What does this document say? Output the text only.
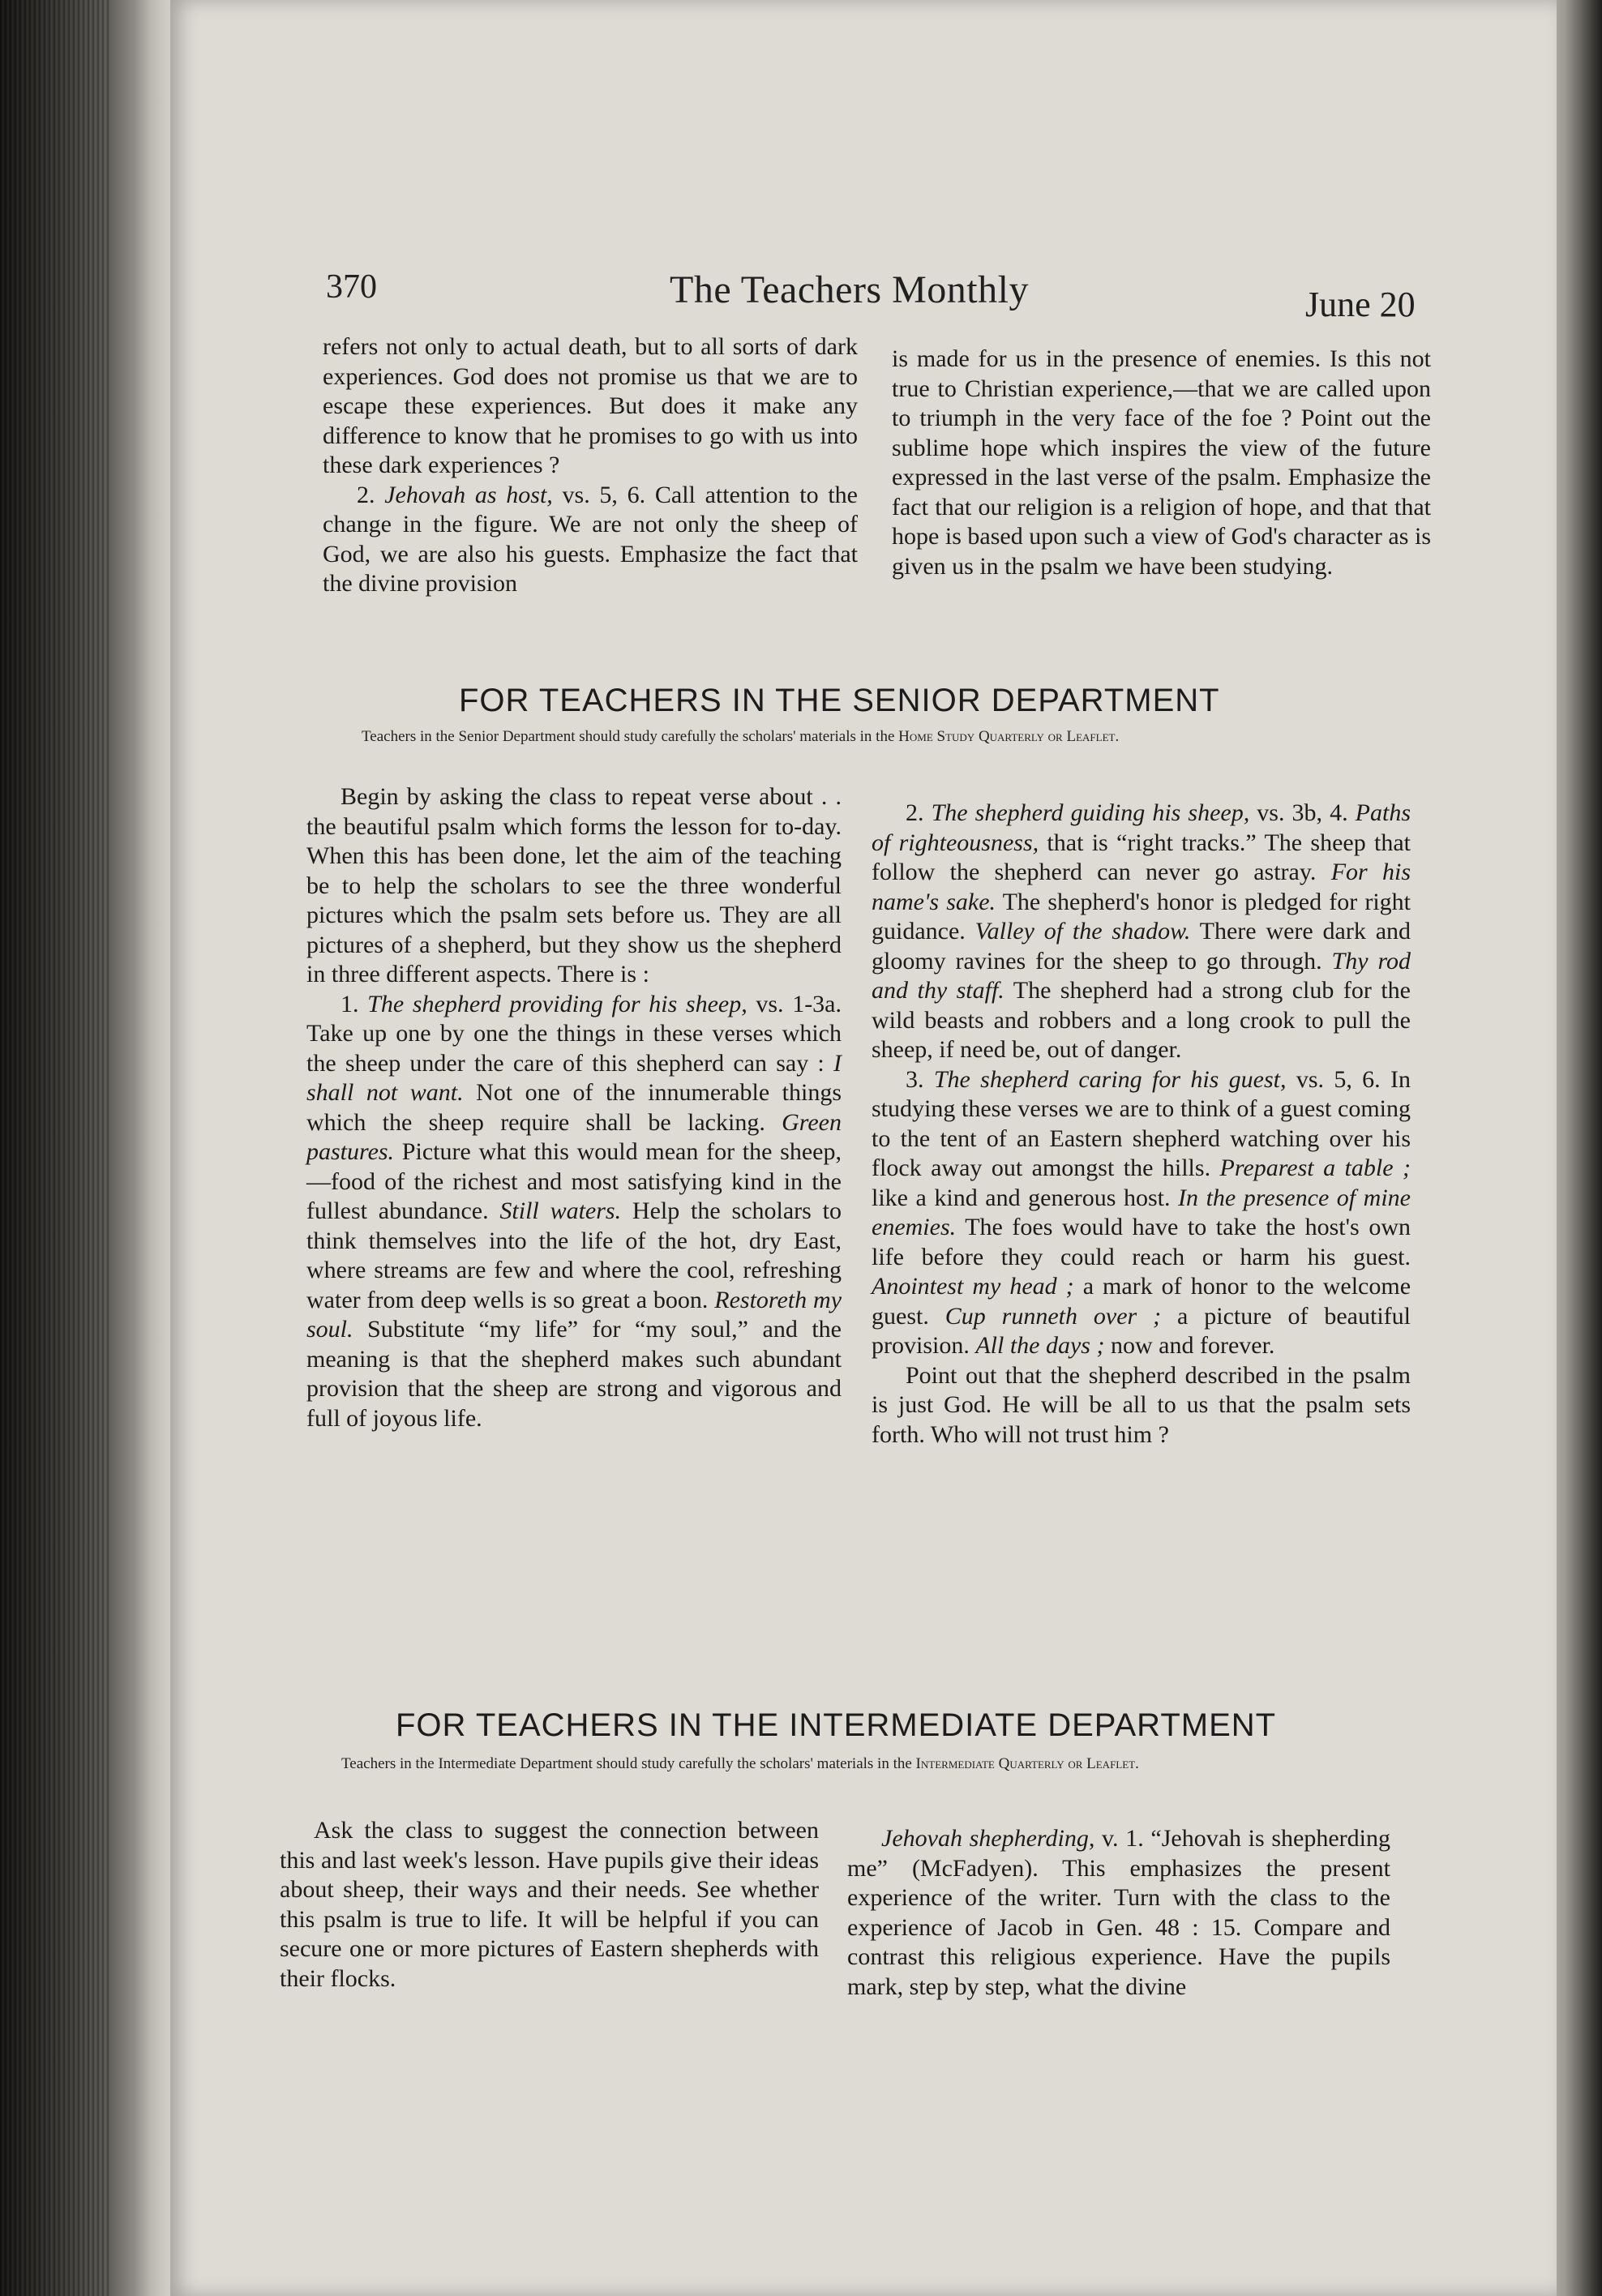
370	The Teachers Monthly	June 20

refers not only to actual death, but to all sorts of dark experiences. God does not promise us that we are to escape these experiences. But does it make any difference to know that he promises to go with us into these dark experiences ?

2. Jehovah as host, vs. 5, 6. Call attention to the change in the figure. We are not only the sheep of God, we are also his guests. Emphasize the fact that the divine provision

is made for us in the presence of enemies. Is this not true to Christian experience,—that we are called upon to triumph in the very face of the foe ? Point out the sublime hope which inspires the view of the future expressed in the last verse of the psalm. Emphasize the fact that our religion is a religion of hope, and that that hope is based upon such a view of God's character as is given us in the psalm we have been studying.

FOR TEACHERS IN THE SENIOR DEPARTMENT

Teachers in the Senior Department should study carefully the scholars' materials in the Home Study Quarterly or Leaflet.

Begin by asking the class to repeat verse about . . the beautiful psalm which forms the lesson for to-day. When this has been done, let the aim of the teaching be to help the scholars to see the three wonderful pictures which the psalm sets before us. They are all pictures of a shepherd, but they show us the shepherd in three different aspects. There is :

1. The shepherd providing for his sheep, vs. 1-3a. Take up one by one the things in these verses which the sheep under the care of this shepherd can say : I shall not want. Not one of the innumerable things which the sheep require shall be lacking. Green pastures. Picture what this would mean for the sheep, —food of the richest and most satisfying kind in the fullest abundance. Still waters. Help the scholars to think themselves into the life of the hot, dry East, where streams are few and where the cool, refreshing water from deep wells is so great a boon. Restoreth my soul. Substitute “my life” for “my soul,” and the meaning is that the shepherd makes such abundant provision that the sheep are strong and vigorous and full of joyous life.

2. The shepherd guiding his sheep, vs. 3b, 4. Paths of righteousness, that is “right tracks.” The sheep that follow the shepherd can never go astray. For his name's sake. The shepherd's honor is pledged for right guidance. Valley of the shadow. There were dark and gloomy ravines for the sheep to go through. Thy rod and thy staff. The shepherd had a strong club for the wild beasts and robbers and a long crook to pull the sheep, if need be, out of danger.

3. The shepherd caring for his guest, vs. 5, 6. In studying these verses we are to think of a guest coming to the tent of an Eastern shepherd watching over his flock away out amongst the hills. Preparest a table ; like a kind and generous host. In the presence of mine enemies. The foes would have to take the host's own life before they could reach or harm his guest. Anointest my head ; a mark of honor to the welcome guest. Cup runneth over ; a picture of beautiful provision. All the days ; now and forever.

Point out that the shepherd described in the psalm is just God. He will be all to us that the psalm sets forth. Who will not trust him ?

FOR TEACHERS IN THE INTERMEDIATE DEPARTMENT

Teachers in the Intermediate Department should study carefully the scholars' materials in the Intermediate Quarterly or Leaflet.

Ask the class to suggest the connection between this and last week's lesson. Have pupils give their ideas about sheep, their ways and their needs. See whether this psalm is true to life. It will be helpful if you can secure one or more pictures of Eastern shepherds with their flocks.

Jehovah shepherding, v. 1. “Jehovah is shepherding me” (McFadyen). This emphasizes the present experience of the writer. Turn with the class to the experience of Jacob in Gen. 48 : 15. Compare and contrast this religious experience. Have the pupils mark, step by step, what the divine
